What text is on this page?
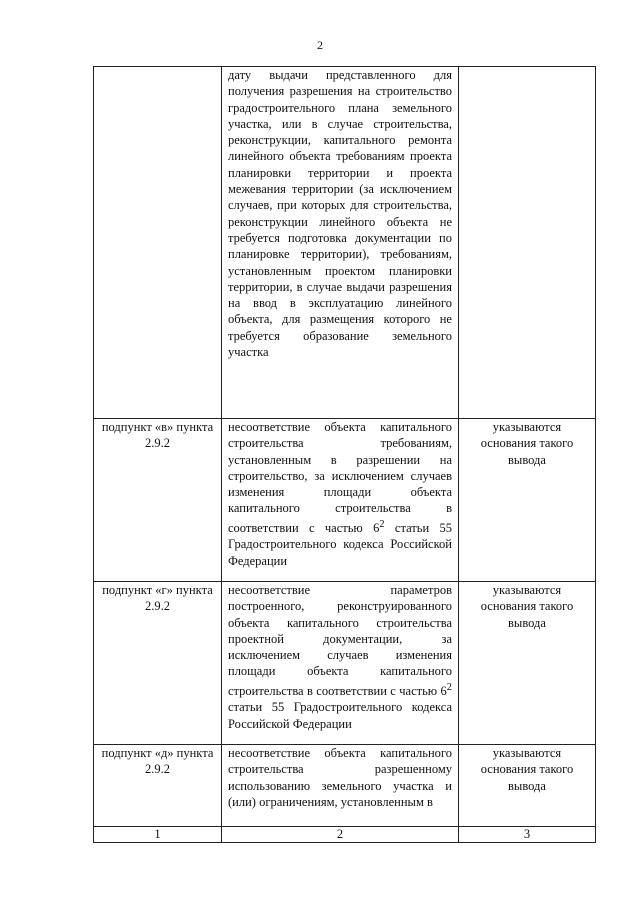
2

	дату выдачи представленного для получения разрешения на строительство градостроительного плана земельного участка, или в случае строительства, реконструкции, капитального ремонта линейного объекта требованиям проекта планировки территории и проекта межевания территории (за исключением случаев, при которых для строительства, реконструкции линейного объекта не требуется подготовка документации по планировке территории), требованиям, установленным проектом планировки территории, в случае выдачи разрешения на ввод в эксплуатацию линейного объекта, для размещения которого не требуется образование земельного участка	

подпункт «в» пункта 2.9.2	несоответствие объекта капитального строительства требованиям, установленным в разрешении на строительство, за исключением случаев изменения площади объекта капитального строительства в соответствии с частью $6^2$ статьи 55 Градостроительного кодекса Российской Федерации	указываются основания такого вывода
подпункт «г» пункта 2.9.2	несоответствие параметров построенного, реконструированного объекта капитального строительства проектной документации, за исключением случаев изменения площади объекта капитального строительства в соответствии с частью $6^2$ статьи 55 Градостроительного кодекса Российской Федерации	указываются основания такого вывода
подпункт «д» пункта 2.9.2	несоответствие объекта капитального строительства разрешенному использованию земельного участка и (или) ограничениям, установленным в	указываются основания такого вывода
1	2	3
